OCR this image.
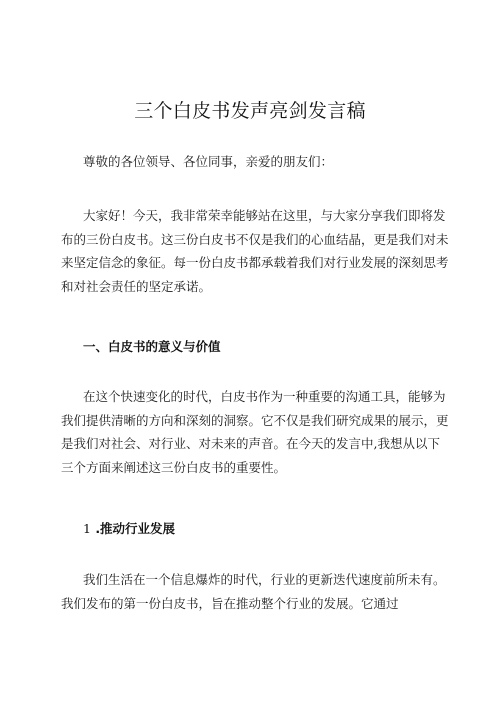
三个白皮书发声亮剑发言稿

尊敬的各位领导、各位同事，亲爱的朋友们：

大家好！今天，我非常荣幸能够站在这里，与大家分享我们即将发
布的三份白皮书。这三份白皮书不仅是我们的心血结晶，更是我们对未
来坚定信念的象征。每一份白皮书都承载着我们对行业发展的深刻思考
和对社会责任的坚定承诺。

一、白皮书的意义与价值

在这个快速变化的时代，白皮书作为一种重要的沟通工具，能够为
我们提供清晰的方向和深刻的洞察。它不仅是我们研究成果的展示，更
是我们对社会、对行业、对未来的声音。在今天的发言中,我想从以下
三个方面来阐述这三份白皮书的重要性。

1 .推动行业发展

我们生活在一个信息爆炸的时代，行业的更新迭代速度前所未有。
我们发布的第一份白皮书，旨在推动整个行业的发展。它通过
